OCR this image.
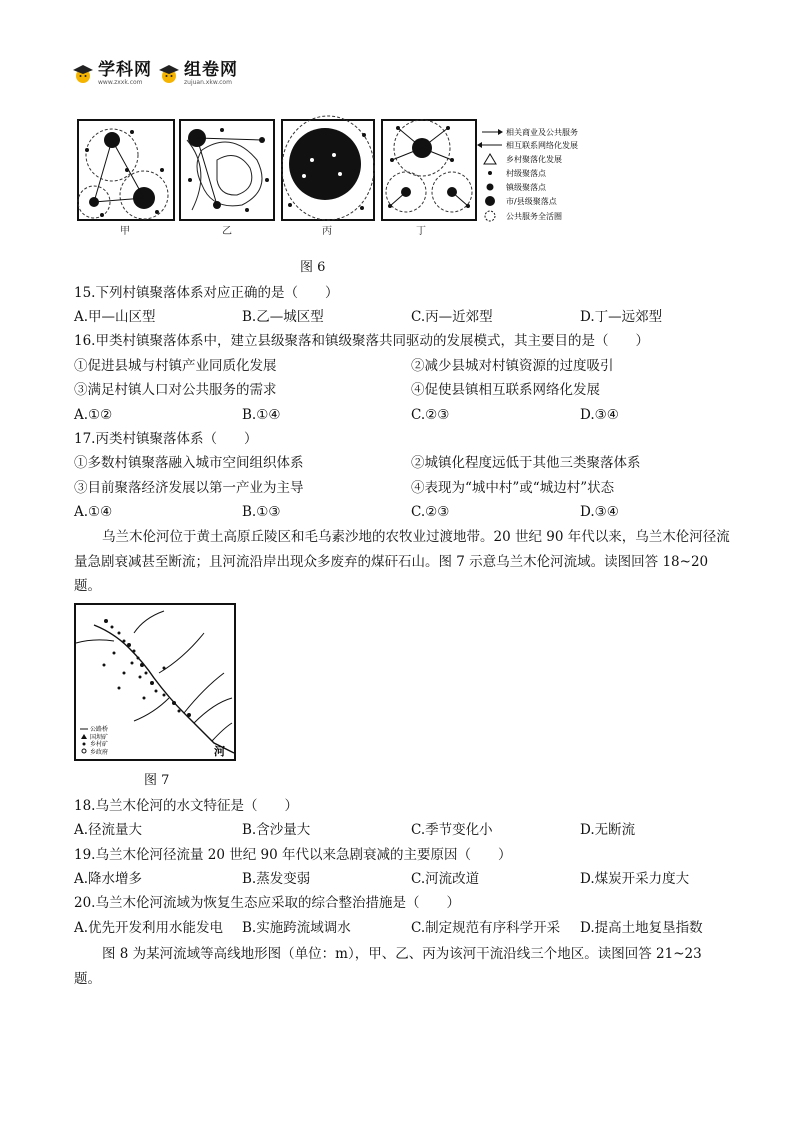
学科网
www.zxxk.com
组卷网
zujuan.xkw.com
甲	乙	丙	丁
相关商业及公共服务
相互联系网络化发展
乡村聚落化发展
村级聚落点
镇级聚落点
市/县级聚落点
公共服务全活圈
图 6
15.下列村镇聚落体系对应正确的是（　　）
A.甲—山区型	B.乙—城区型	C.丙—近郊型	D.丁—远郊型
16.甲类村镇聚落体系中，建立县级聚落和镇级聚落共同驱动的发展模式，其主要目的是（　　）
①促进县城与村镇产业同质化发展	②减少县城对村镇资源的过度吸引
③满足村镇人口对公共服务的需求	④促使县镇相互联系网络化发展
A.①②	B.①④	C.②③	D.③④
17.丙类村镇聚落体系（　　）
①多数村镇聚落融入城市空间组织体系	②城镇化程度远低于其他三类聚落体系
③目前聚落经济发展以第一产业为主导	④表现为“城中村”或“城边村”状态
A.①④	B.①③	C.②③	D.③④
乌兰木伦河位于黄土高原丘陵区和毛乌素沙地的农牧业过渡地带。20 世纪 90 年代以来，乌兰木伦河径流量急剧衰减甚至断流；且河流沿岸出现众多废弃的煤矸石山。图 7 示意乌兰木伦河流域。读图回答 18~20 题。
公路桥
国坝矿
乡村矿
乡政府	河
图 7
18.乌兰木伦河的水文特征是（　　）
A.径流量大	B.含沙量大	C.季节变化小	D.无断流
19.乌兰木伦河径流量 20 世纪 90 年代以来急剧衰减的主要原因（　　）
A.降水增多	B.蒸发变弱	C.河流改道	D.煤炭开采力度大
20.乌兰木伦河流域为恢复生态应采取的综合整治措施是（　　）
A.优先开发利用水能发电 B.实施跨流域调水	C.制定规范有序科学开采 D.提高土地复垦指数
图 8 为某河流域等高线地形图（单位：m），甲、乙、丙为该河干流沿线三个地区。读图回答 21~23 题。
